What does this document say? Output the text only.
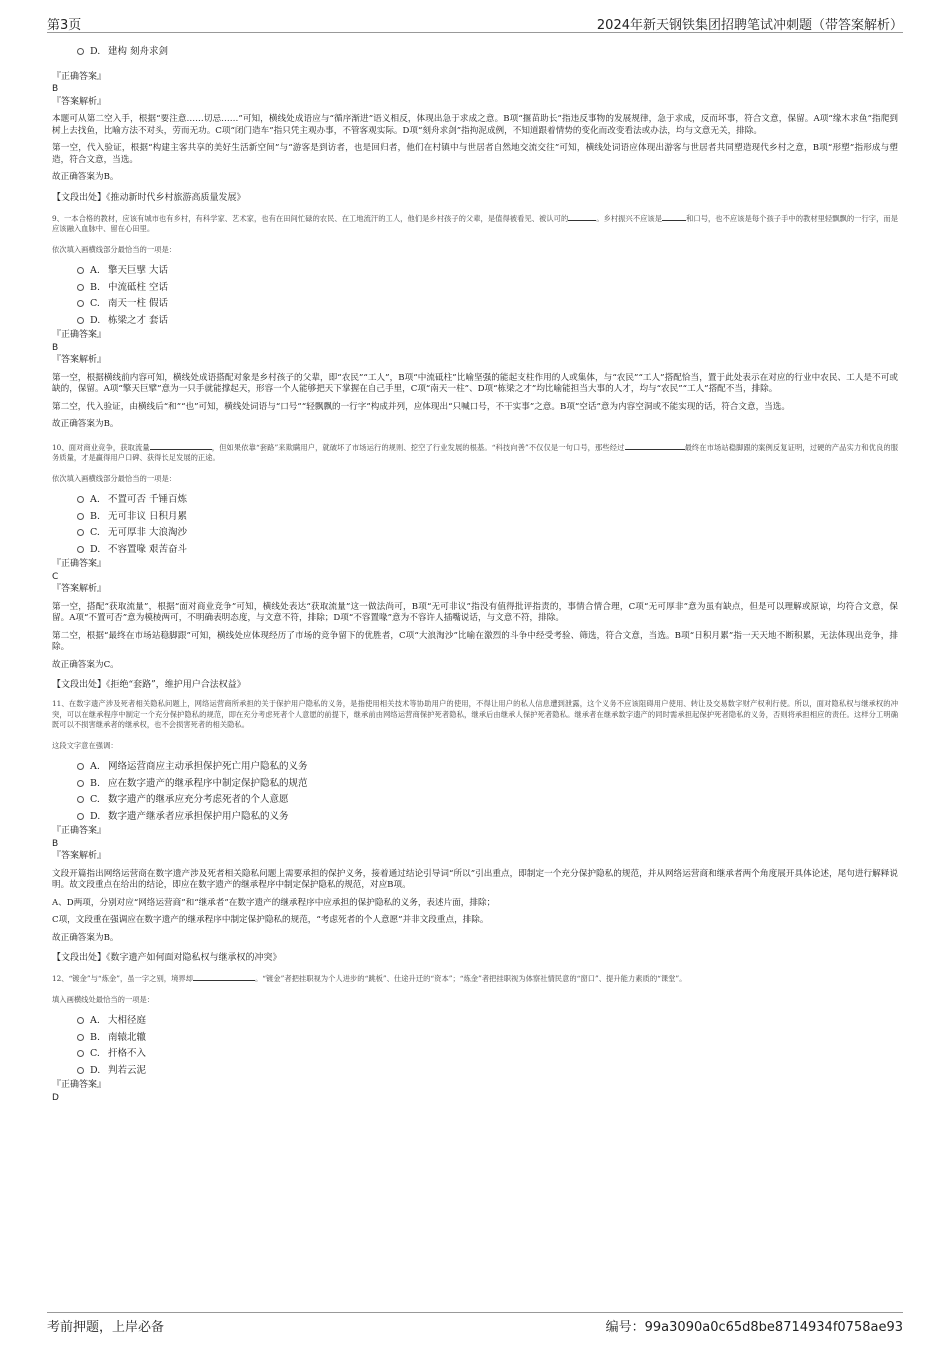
第3页	2024年新天钢铁集团招聘笔试冲刺题（带答案解析）
D. 建构 刻舟求剑
『正确答案』
B
『答案解析』

本题可从第二空入手，根据“要注意……切忌……”可知，横线处成语应与“循序渐进”语义相反，体现出急于求成之意。B项“揠苗助长”指违反事物的发展规律，急于求成，反而坏事，符合文意，保留。A项“缘木求鱼”指爬到树上去找鱼，比喻方法不对头，劳而无功。C项“闭门造车”指只凭主观办事，不管客观实际。D项“刻舟求剑”指拘泥成例，不知道跟着情势的变化而改变看法或办法，均与文意无关，排除。

第一空，代入验证，根据“构建主客共享的美好生活新空间”与“游客是到访者，也是回归者，他们在村镇中与世居者自然地交流交往”可知，横线处词语应体现出游客与世居者共同塑造现代乡村之意，B项“形塑”指形成与塑造，符合文意，当选。

故正确答案为B。

【文段出处】《推动新时代乡村旅游高质量发展》

9、一本合格的教材，应该有城市也有乡村，有科学家、艺术家，也有在田间忙碌的农民、在工地流汗的工人，他们是乡村孩子的父辈，是值得被看见、被认可的	。乡村振兴不应该是	和口号，也不应该是每个孩子手中的教材里轻飘飘的一行字，而是应该融入血脉中、留在心田里。

依次填入画横线部分最恰当的一项是：

A. 擎天巨擘 大话
B. 中流砥柱 空话
C. 南天一柱 假话
D. 栋梁之才 套话
『正确答案』
B
『答案解析』

第一空，根据横线前内容可知，横线处成语搭配对象是乡村孩子的父辈，即“农民”“工人”，B项“中流砥柱”比喻坚强的能起支柱作用的人或集体，与“农民”“工人”搭配恰当，置于此处表示在对应的行业中农民、工人是不可或缺的，保留。A项“擎天巨擘”意为一只手就能撑起天，形容一个人能够把天下掌握在自己手里，C项“南天一柱”、D项“栋梁之才”均比喻能担当大事的人才，均与“农民”“工人”搭配不当，排除。

第二空，代入验证，由横线后“和”“也”可知，横线处词语与“口号”“轻飘飘的一行字”构成并列，应体现出“只喊口号，不干实事”之意。B项“空话”意为内容空洞或不能实现的话，符合文意，当选。

故正确答案为B。

10、面对商业竞争，获取流量	，但如果依靠“套路”来欺瞒用户，就破坏了市场运行的规则、挖空了行业发展的根基。“科技向善”不仅仅是一句口号，那些经过	最终在市场站稳脚跟的案例反复证明，过硬的产品实力和优良的服务质量，才是赢得用户口碑、获得长足发展的正途。

依次填入画横线部分最恰当的一项是：

A. 不置可否 千锤百炼
B. 无可非议 日积月累
C. 无可厚非 大浪淘沙
D. 不容置喙 艰苦奋斗
『正确答案』
C
『答案解析』

第一空，搭配“获取流量”，根据“面对商业竞争”可知，横线处表达“获取流量”这一做法尚可，B项“无可非议”指没有值得批评指责的，事情合情合理，C项“无可厚非”意为虽有缺点，但是可以理解或原谅，均符合文意，保留。A项“不置可否”意为模棱两可，不明确表明态度，与文意不符，排除；D项“不容置喙”意为不容许人插嘴说话，与文意不符，排除。

第二空，根据“最终在市场站稳脚跟”可知，横线处应体现经历了市场的竞争留下的优胜者，C项“大浪淘沙”比喻在激烈的斗争中经受考验、筛选，符合文意，当选。B项“日积月累”指一天天地不断积累，无法体现出竞争，排除。

故正确答案为C。

【文段出处】《拒绝“套路”，维护用户合法权益》

11、在数字遗产涉及死者相关隐私问题上，网络运营商所承担的关于保护用户隐私的义务，是指使用相关技术等协助用户的使用，不得让用户的私人信息遭到泄露，这个义务不应该阻碍用户使用、转让及交易数字财产权利行使。所以，面对隐私权与继承权的冲突，可以在继承程序中制定一个充分保护隐私的规范，即在充分考虑死者个人意愿的前提下，继承前由网络运营商保护死者隐私，继承后由继承人保护死者隐私。继承者在继承数字遗产的同时需承担起保护死者隐私的义务，否则将承担相应的责任。这样分工明确既可以不损害继承者的继承权，也不会损害死者的相关隐私。

这段文字意在强调：

A. 网络运营商应主动承担保护死亡用户隐私的义务
B. 应在数字遗产的继承程序中制定保护隐私的规范
C. 数字遗产的继承应充分考虑死者的个人意愿
D. 数字遗产继承者应承担保护用户隐私的义务
『正确答案』
B
『答案解析』

文段开篇指出网络运营商在数字遗产涉及死者相关隐私问题上需要承担的保护义务，接着通过结论引导词“所以”引出重点，即制定一个充分保护隐私的规范，并从网络运营商和继承者两个角度展开具体论述，尾句进行解释说明。故文段重点在给出的结论，即应在数字遗产的继承程序中制定保护隐私的规范，对应B项。

A、D两项，分别对应“网络运营商”和“继承者”在数字遗产的继承程序中应承担的保护隐私的义务，表述片面，排除；

C项，文段重在强调应在数字遗产的继承程序中制定保护隐私的规范，“考虑死者的个人意愿”并非文段重点，排除。

故正确答案为B。

【文段出处】《数字遗产如何面对隐私权与继承权的冲突》

12、“镀金”与“炼金”，虽一字之别，境界却	。“镀金”者把挂职视为个人进步的“跳板”、仕途升迁的“资本”；“炼金”者把挂职视为体察社情民意的“窗口”、提升能力素质的“课堂”。

填入画横线处最恰当的一项是：

A. 大相径庭
B. 南辕北辙
C. 扞格不入
D. 判若云泥
『正确答案』
D
考前押题，上岸必备	编号：99a3090a0c65d8be8714934f0758ae93
